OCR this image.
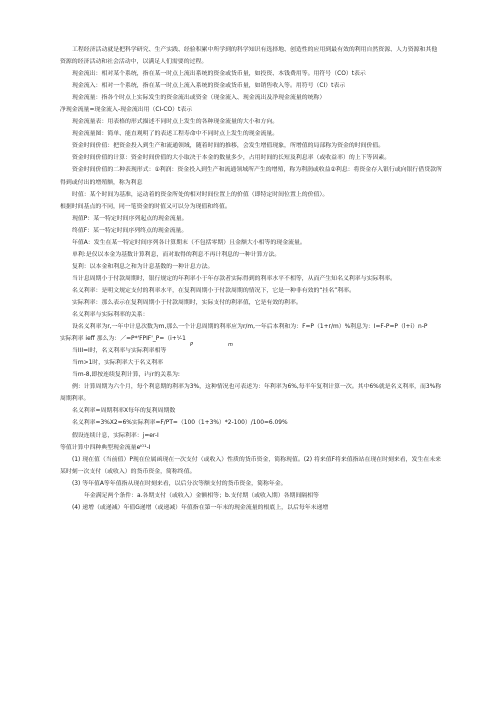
工程经济活动就是把科学研究、生产实践、经验积累中所学到的科学知识有选择地、创造性的应用到最有效的利用自然资源、人力资源和其他资源的经济活动和社会活动中，以满足人们需要的过程。

现金流出：相对某个系统，指在某一时点上流出系统的资金或货币量，如投资、本钱费用等。用符号（CO）t表示

现金流入：相对一个系统，指在某一时点上流入系统的资金或货币量，如销售收入等。用符号（CI）t表示

现金流量：指各个时点上实际发生的资金流出或资金（现金流入、现金流出及净现金流量的统称）

净现金流量=现金流入-现金流出用（CI-CO）t表示

现金流量表：用表格的形式描述不同时点上发生的各种现金流量的大小和方向。

现金流量图：简单、能直观明了的表述工程寿命中不同时点上发生的现金流量。

资金时间价值：把资金投入到生产和流通领域，随着时间的推移，会发生增值现象，所增值的局部称为资金的时间价值。

资金时间价值的计算：资金时间价值的大小取决于本金的数量多少，占用时间的长短及利息率（或收益率）的上下等因素。

资金时间价值的二种表现形式：①利润：资金投入到生产和流通领域所产生的增殖，称为利润或收益②利息：将资金存入银行或向银行借贷款所得到或付出的增殖额，称为利息

时值：某个时间为基准，运动着的资金所处的相对时间位置上的价值（即特定时间位置上的价值）。

根据时间基点的不同，同一笔资金的时值又可以分为现值和终值。

现值P：某一特定时间序列起点的现金流量。

终值F：某一特定时间序列终点的现金流量。

年值A：发生在某一特定时间序列各计算期末（不包括零期）且金额大小相等的现金流量。

单利:是仅以本金为基数计算利息，而对取得的利息不再计利息的一种计算方法。

复利：以本金和利息之和为计息基数的一种计息方法。

当计息周期小于付款周期时，银行规定的年利率小于年存款者实际得到的利率水平不相等，从而产生知名义利率与实际利率。

名义利率：是明文规定支付的利率水平，在复利周期小于付款周期的情况下，它是一种非有效的“挂名”利率。

实际利率：那么表示在复利周期小于付款周期时，实际支付的利率值，它是有效的利率。

名义利率与实际利率的关系：

设名义利率为r,一年中计息次数为m,那么一个计息周期的利率应为r/m,一年后本利和为：F=P（1+r/m）%利息为：I=F-P=P（l+i）n-P

实际利率 ieff 那么为：／=P*'FPIF'_P=（i+⅟-1
P	m

当III=I时，名义利率与实际利率相等

当m>1时，实际利率大于名义利率

当m-8,即按连续复利计算，i与r的关系为:

例：计算周期为六个月，每个利息期的利率为3%，这种情况也可表述为：年利率为6%,每半年复利计算一次。其中6%就是名义利率，而3%称周期利率。

名义利率=周期利率X每年的复利周期数

名义利率=3%X2=6%实际利率=F/PT=（100（1+3%）*2-100）/100=6.09%

假设连续计息，实际利率：j=er-I

等值计算中四种典型现金流量eᴵᴼ¹-I

(1) 现在值（当前值）P现在位属函现在一次支付（或收入）性质的货币资金，简称现值。(2) 将来值F将来值指站在现在时刻来看，发生在未来某时刻一次支付（或收入）的货币资金，简称终值。

(3) 等年值A等年值指从现在时刻来看，以后分次等额支付的货币资金，简称年金。

年金满足两个条件：a.各期支付（或收入）金额相等；b.支付期（或收入期）各期间隔相等

(4) 递增（或递减）年值G递增（或递减）年值指在第一年末的现金流量的根底上，以后每年末递增
